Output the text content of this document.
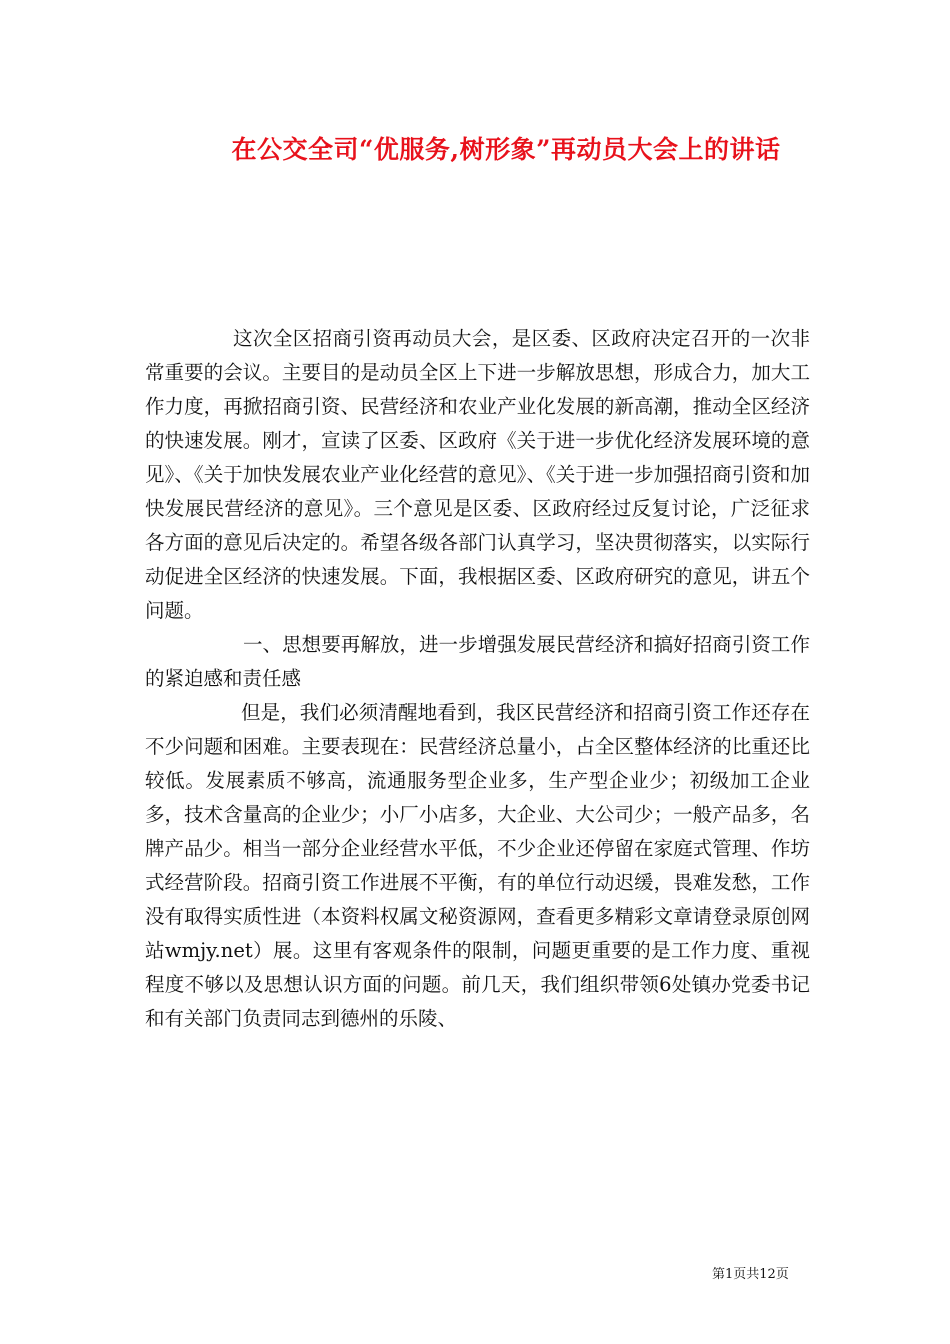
在公交全司“优服务,树形象”再动员大会上的讲话

这次全区招商引资再动员大会，是区委、区政府决定召开的一次非常重要的会议。主要目的是动员全区上下进一步解放思想，形成合力，加大工作力度，再掀招商引资、民营经济和农业产业化发展的新高潮，推动全区经济的快速发展。刚才，宣读了区委、区政府《关于进一步优化经济发展环境的意见》、《关于加快发展农业产业化经营的意见》、《关于进一步加强招商引资和加快发展民营经济的意见》。三个意见是区委、区政府经过反复讨论，广泛征求各方面的意见后决定的。希望各级各部门认真学习，坚决贯彻落实，以实际行动促进全区经济的快速发展。下面，我根据区委、区政府研究的意见，讲五个问题。

一、思想要再解放，进一步增强发展民营经济和搞好招商引资工作的紧迫感和责任感

但是，我们必须清醒地看到，我区民营经济和招商引资工作还存在不少问题和困难。主要表现在：民营经济总量小，占全区整体经济的比重还比较低。发展素质不够高，流通服务型企业多，生产型企业少；初级加工企业多，技术含量高的企业少；小厂小店多，大企业、大公司少；一般产品多，名牌产品少。相当一部分企业经营水平低，不少企业还停留在家庭式管理、作坊式经营阶段。招商引资工作进展不平衡，有的单位行动迟缓，畏难发愁，工作没有取得实质性进（本资料权属文秘资源网，查看更多精彩文章请登录原创网站wmjy.net）展。这里有客观条件的限制，问题更重要的是工作力度、重视程度不够以及思想认识方面的问题。前几天，我们组织带领6处镇办党委书记和有关部门负责同志到德州的乐陵、

第1页共12页
